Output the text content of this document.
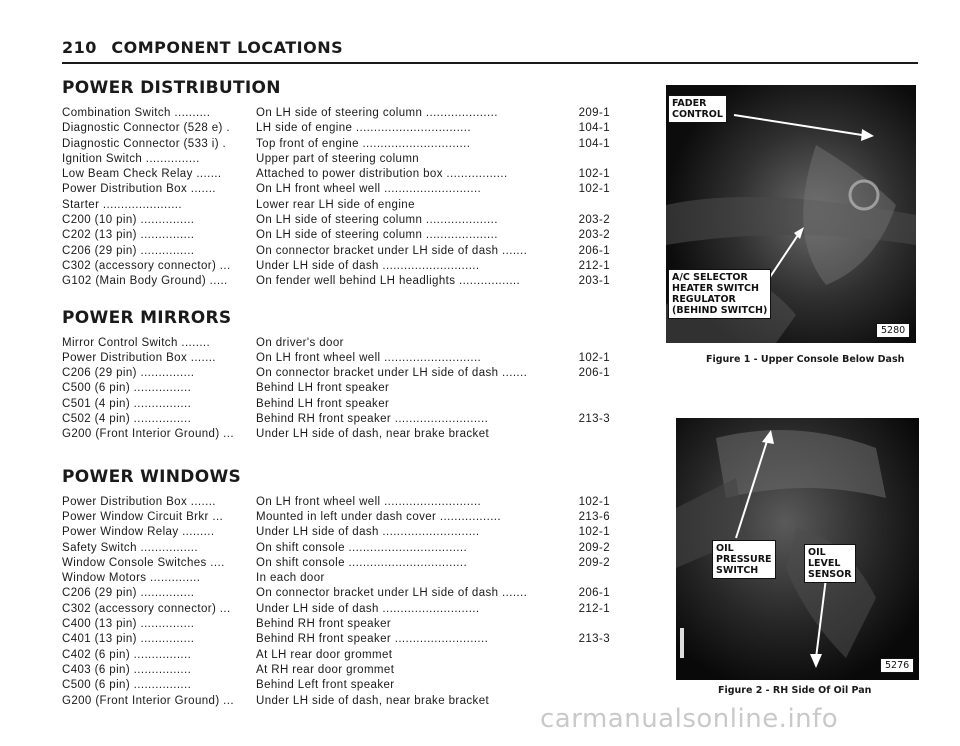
210 COMPONENT LOCATIONS
POWER DISTRIBUTION
Combination Switch ..........	On LH side of steering column ....................	209-1
Diagnostic Connector (528 e) .	LH side of engine ................................	104-1
Diagnostic Connector (533 i) .	Top front of engine ..............................	104-1
Ignition Switch ...............	Upper part of steering column
Low Beam Check Relay .......	Attached to power distribution box .................	102-1
Power Distribution Box .......	On LH front wheel well ...........................	102-1
Starter ......................	Lower rear LH side of engine
C200 (10 pin) ...............	On LH side of steering column ....................	203-2
C202 (13 pin) ...............	On LH side of steering column ....................	203-2
C206 (29 pin) ...............	On connector bracket under LH side of dash .......	206-1
C302 (accessory connector) ...	Under LH side of dash ...........................	212-1
G102 (Main Body Ground) .....	On fender well behind LH headlights .................	203-1
POWER MIRRORS
Mirror Control Switch ........	On driver's door
Power Distribution Box .......	On LH front wheel well ...........................	102-1
C206 (29 pin) ...............	On connector bracket under LH side of dash .......	206-1
C500 (6 pin) ................	Behind LH front speaker
C501 (4 pin) ................	Behind LH front speaker
C502 (4 pin) ................	Behind RH front speaker ..........................	213-3
G200 (Front Interior Ground) ...	Under LH side of dash, near brake bracket
POWER WINDOWS
Power Distribution Box .......	On LH front wheel well ...........................	102-1
Power Window Circuit Brkr ...	Mounted in left under dash cover .................	213-6
Power Window Relay .........	Under LH side of dash ...........................	102-1
Safety Switch ................	On shift console .................................	209-2
Window Console Switches ....	On shift console .................................	209-2
Window Motors ..............	In each door
C206 (29 pin) ...............	On connector bracket under LH side of dash .......	206-1
C302 (accessory connector) ...	Under LH side of dash ...........................	212-1
C400 (13 pin) ...............	Behind RH front speaker
C401 (13 pin) ...............	Behind RH front speaker ..........................	213-3
C402 (6 pin) ................	At LH rear door grommet
C403 (6 pin) ................	At RH rear door grommet
C500 (6 pin) ................	Behind Left front speaker
G200 (Front Interior Ground) ...	Under LH side of dash, near brake bracket
FADER
CONTROL
A/C SELECTOR
HEATER SWITCH
REGULATOR
(BEHIND SWITCH)
5280
Figure 1 - Upper Console Below Dash
OIL
PRESSURE
SWITCH
OIL
LEVEL
SENSOR
5276
Figure 2 - RH Side Of Oil Pan
carmanualsonline.info
